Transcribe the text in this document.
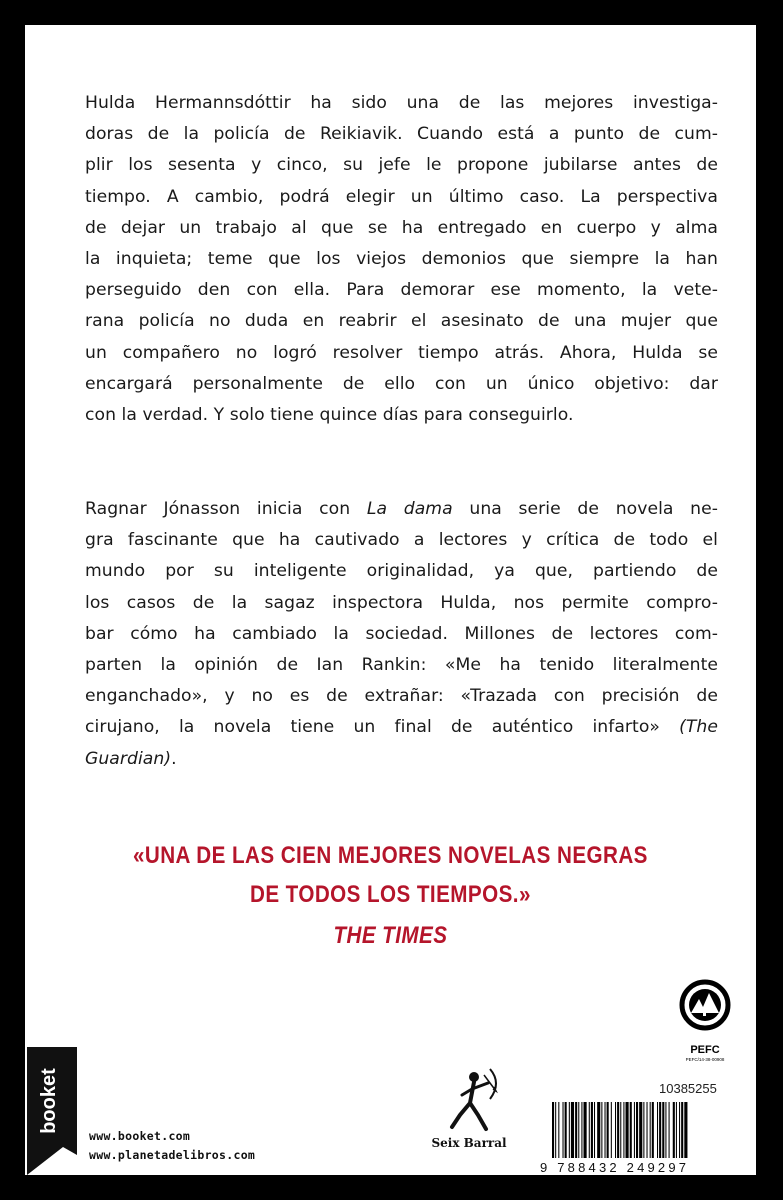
Hulda Hermannsdóttir ha sido una de las mejores investiga-
doras de la policía de Reikiavik. Cuando está a punto de cum-
plir los sesenta y cinco, su jefe le propone jubilarse antes de
tiempo. A cambio, podrá elegir un último caso. La perspectiva
de dejar un trabajo al que se ha entregado en cuerpo y alma
la inquieta; teme que los viejos demonios que siempre la han
perseguido den con ella. Para demorar ese momento, la vete-
rana policía no duda en reabrir el asesinato de una mujer que
un compañero no logró resolver tiempo atrás. Ahora, Hulda se
encargará personalmente de ello con un único objetivo: dar
con la verdad. Y solo tiene quince días para conseguirlo.
Ragnar Jónasson inicia con La dama una serie de novela ne-
gra fascinante que ha cautivado a lectores y crítica de todo el
mundo por su inteligente originalidad, ya que, partiendo de
los casos de la sagaz inspectora Hulda, nos permite compro-
bar cómo ha cambiado la sociedad. Millones de lectores com-
parten la opinión de Ian Rankin: «Me ha tenido literalmente
enganchado», y no es de extrañar: «Trazada con precisión de
cirujano, la novela tiene un final de auténtico infarto» (The
Guardian).
«UNA DE LAS CIEN MEJORES NOVELAS NEGRAS
DE TODOS LOS TIEMPOS.»
THE TIMES
PEFC
PEFC/14-38-00908
booket
www.booket.com
www.planetadelibros.com
Seix Barral
10385255
9 788432 249297
